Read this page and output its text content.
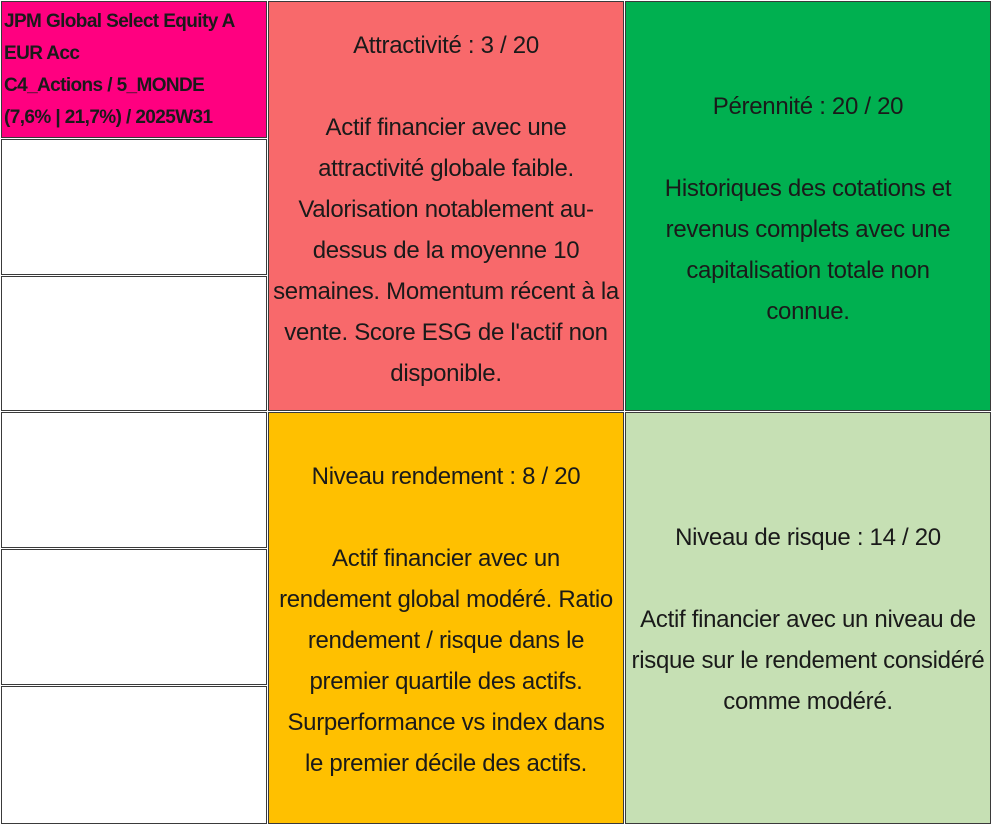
JPM Global Select Equity A
EUR Acc
C4_Actions / 5_MONDE
(7,6% | 21,7%) / 2025W31
Attractivité : 3 / 20
Actif financier avec une attractivité globale faible. Valorisation notablement au-dessus de la moyenne 10 semaines. Momentum récent à la vente. Score ESG de l'actif non disponible.
Pérennité : 20 / 20
Historiques des cotations et revenus complets avec une capitalisation totale non connue.
Niveau rendement : 8 / 20
Actif financier avec un rendement global modéré. Ratio rendement / risque dans le premier quartile des actifs. Surperformance vs index dans le premier décile des actifs.
Niveau de risque : 14 / 20
Actif financier avec un niveau de risque sur le rendement considéré comme modéré.
